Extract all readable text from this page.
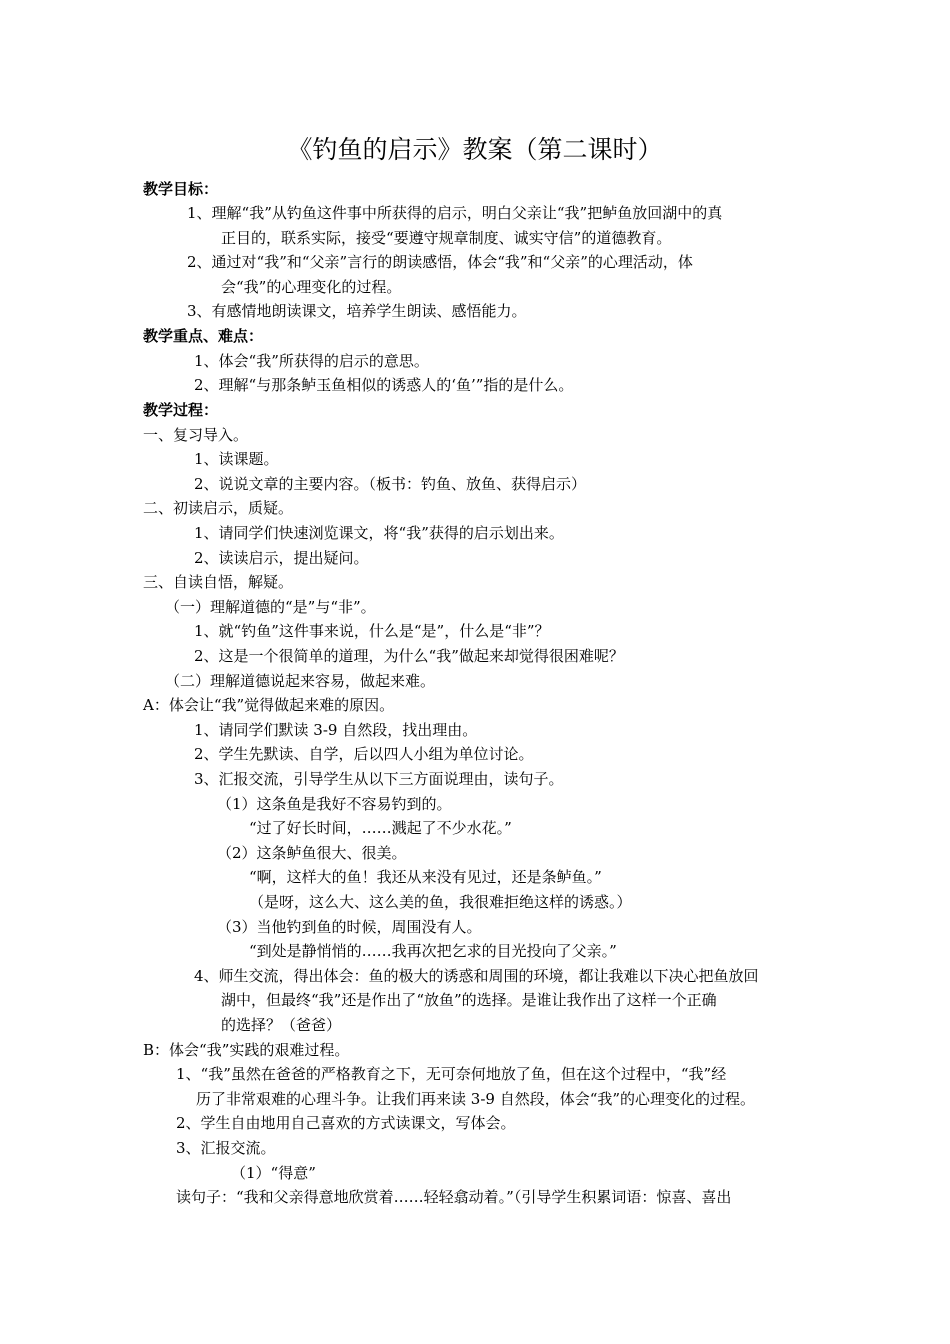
《钓鱼的启示》教案（第二课时）
教学目标：
1、理解“我”从钓鱼这件事中所获得的启示，明白父亲让“我”把鲈鱼放回湖中的真
正目的，联系实际，接受“要遵守规章制度、诚实守信”的道德教育。
2、通过对“我”和“父亲”言行的朗读感悟，体会“我”和“父亲”的心理活动，体
会“我”的心理变化的过程。
3、有感情地朗读课文，培养学生朗读、感悟能力。
教学重点、难点：
1、体会“我”所获得的启示的意思。
2、理解“与那条鲈玉鱼相似的诱惑人的‘鱼’”指的是什么。
教学过程：
一、复习导入。
1、读课题。
2、说说文章的主要内容。（板书：钓鱼、放鱼、获得启示）
二、初读启示，质疑。
1、请同学们快速浏览课文，将“我”获得的启示划出来。
2、读读启示，提出疑问。
三、自读自悟，解疑。
（一）理解道德的“是”与“非”。
1、就“钓鱼”这件事来说，什么是“是”，什么是“非”？
2、这是一个很简单的道理，为什么“我”做起来却觉得很困难呢？
（二）理解道德说起来容易，做起来难。
A：体会让“我”觉得做起来难的原因。
1、请同学们默读 3-9 自然段，找出理由。
2、学生先默读、自学，后以四人小组为单位讨论。
3、汇报交流，引导学生从以下三方面说理由，读句子。
（1）这条鱼是我好不容易钓到的。
“过了好长时间，……溅起了不少水花。”
（2）这条鲈鱼很大、很美。
“啊，这样大的鱼！我还从来没有见过，还是条鲈鱼。”
（是呀，这么大、这么美的鱼，我很难拒绝这样的诱惑。）
（3）当他钓到鱼的时候，周围没有人。
“到处是静悄悄的……我再次把乞求的目光投向了父亲。”
4、师生交流，得出体会：鱼的极大的诱惑和周围的环境，都让我难以下决心把鱼放回
湖中，但最终“我”还是作出了“放鱼”的选择。是谁让我作出了这样一个正确
的选择？（爸爸）
B：体会“我”实践的艰难过程。
1、“我”虽然在爸爸的严格教育之下，无可奈何地放了鱼，但在这个过程中，“我”经
历了非常艰难的心理斗争。让我们再来读 3-9 自然段，体会“我”的心理变化的过程。
2、学生自由地用自己喜欢的方式读课文，写体会。
3、汇报交流。
（1）“得意”
读句子：“我和父亲得意地欣赏着……轻轻翕动着。”（引导学生积累词语：惊喜、喜出
